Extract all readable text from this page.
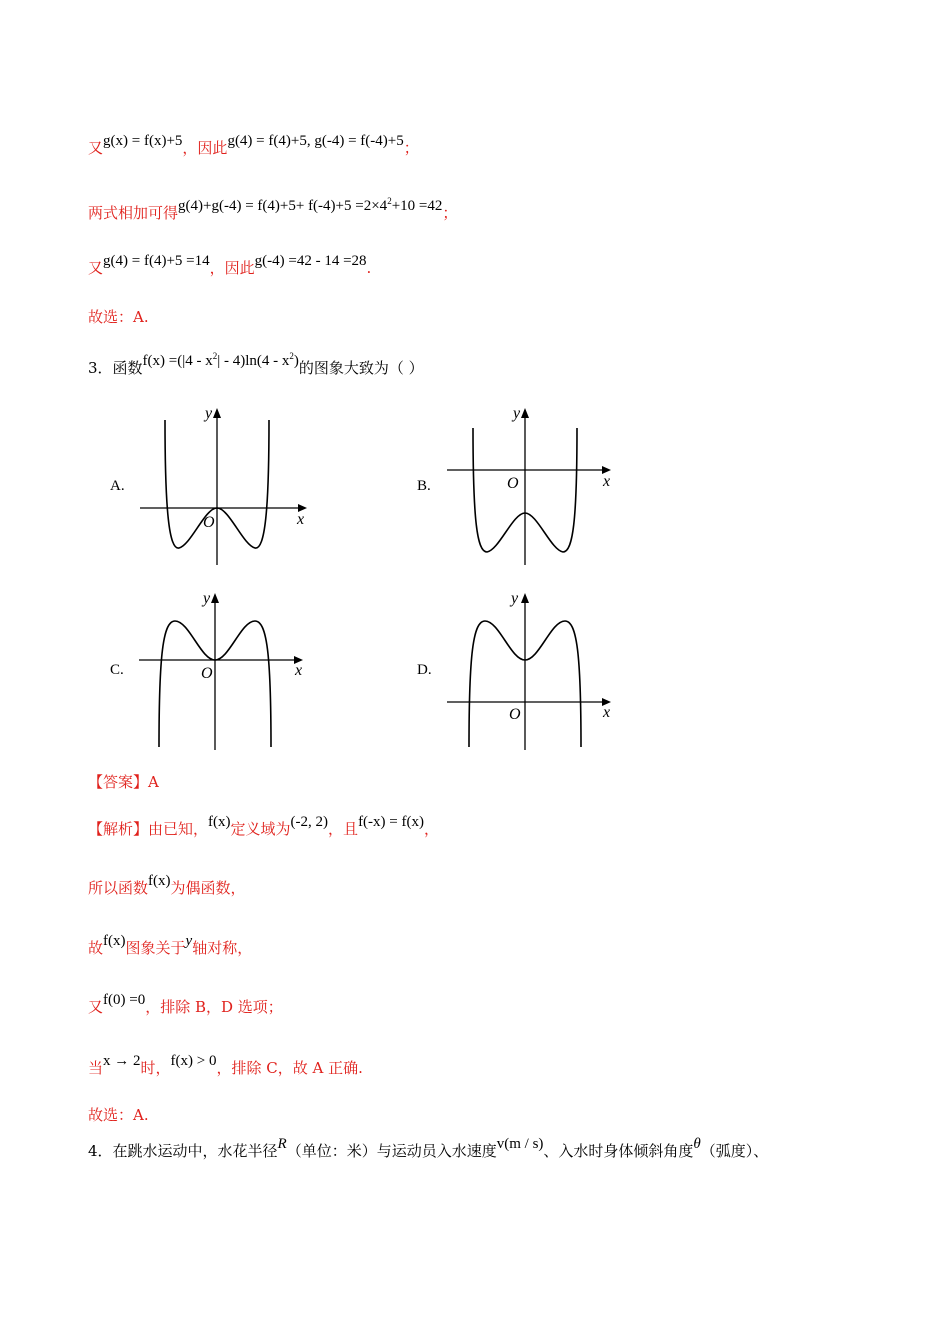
又g(x) = f(x)+5，因此g(4) = f(4)+5, g(-4) = f(-4)+5；
两式相加可得$g(4)+g(-4) = f(4)+5+ f(-4)+5 =2\times 4^2+10 =42$；
又g(4) = f(4)+5 =14，因此g(-4) =42 - 14 =28.
故选：A.
3．函数$f(x) =(|4 - x^2| - 4)\ln(4 - x^2)$的图象大致为（ ）
A.	B.
C.	D.
y
x
O
y
x
O
y
x
O
y
x
O
【答案】A
【解析】由已知，f(x)定义域为(-2, 2)，且f(-x) = f(x)，
所以函数f(x)为偶函数，
故f(x)图象关于y轴对称，
又f(0) =0，排除 B，D 选项；
当x → 2时，f(x) > 0，排除 C，故 A 正确.
故选：A.
4．在跳水运动中，水花半径R（单位：米）与运动员入水速度v(m / s)、入水时身体倾斜角度θ（弧度）、
